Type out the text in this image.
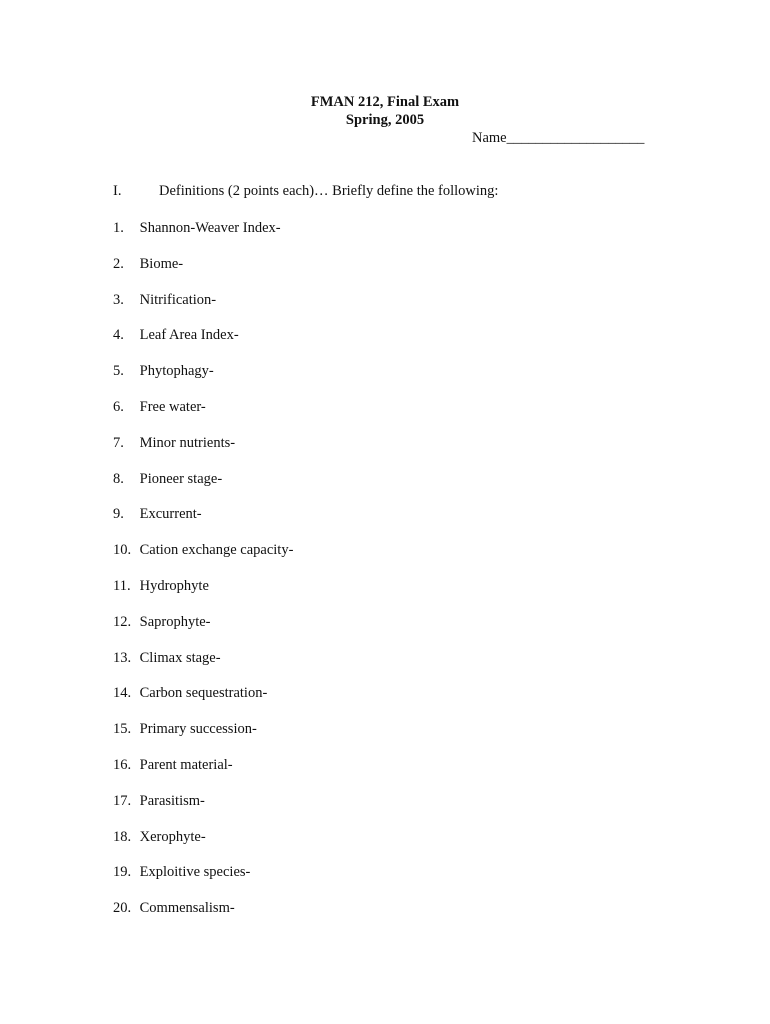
FMAN 212, Final Exam
Spring, 2005
Name___________________
I.	Definitions (2 points each)… Briefly define the following:
1. Shannon-Weaver Index-
2. Biome-
3. Nitrification-
4. Leaf Area Index-
5. Phytophagy-
6. Free water-
7. Minor nutrients-
8. Pioneer stage-
9. Excurrent-
10. Cation exchange capacity-
11. Hydrophyte
12. Saprophyte-
13. Climax stage-
14. Carbon sequestration-
15. Primary succession-
16. Parent material-
17. Parasitism-
18. Xerophyte-
19. Exploitive species-
20. Commensalism-
